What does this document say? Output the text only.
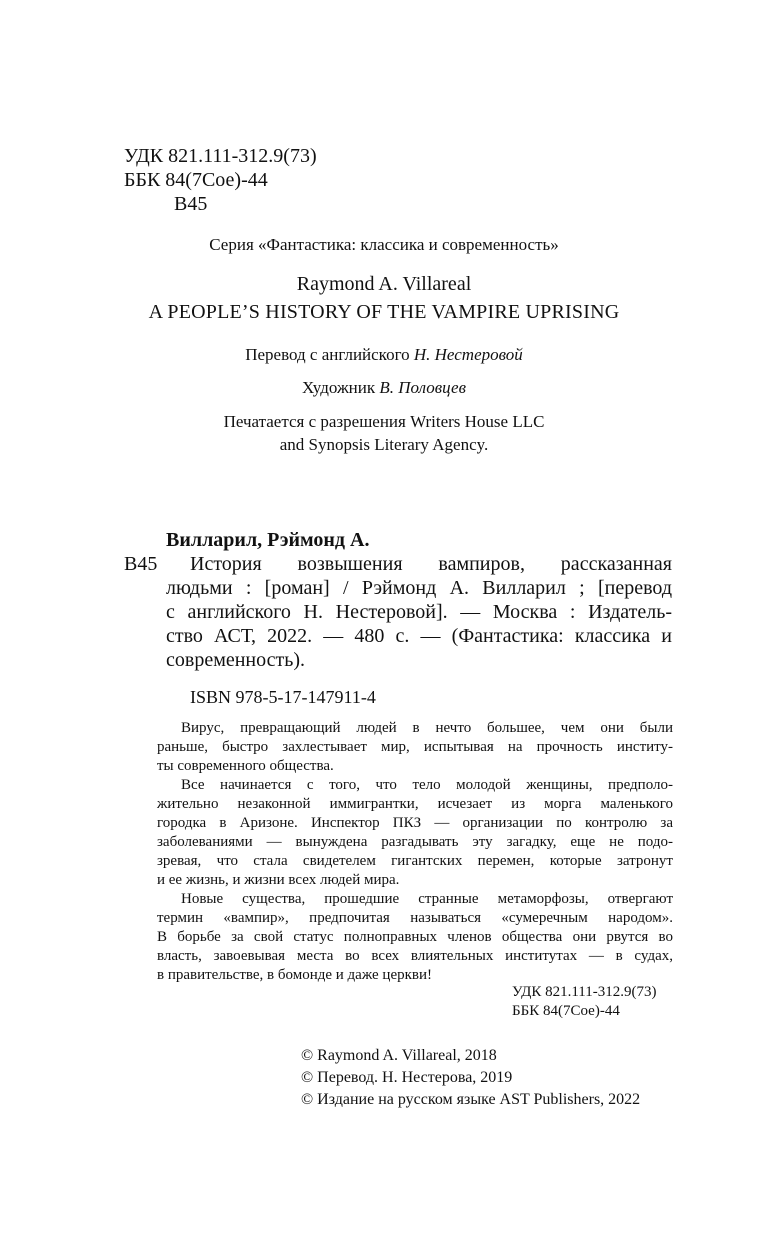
УДК 821.111-312.9(73)
ББК 84(7Сое)-44
В45
Серия «Фантастика: классика и современность»
Raymond A. Villareal
A PEOPLE’S HISTORY OF THE VAMPIRE UPRISING
Перевод с английского Н. Нестеровой
Художник В. Половцев
Печатается с разрешения Writers House LLC
and Synopsis Literary Agency.
Вилларил, Рэймонд А.
В45 История возвышения вампиров, рассказанная
людьми : [роман] / Рэймонд А. Вилларил ; [перевод
с английского Н. Нестеровой]. — Москва : Издатель-
ство АСТ, 2022. — 480 с. — (Фантастика: классика и
современность).
ISBN 978-5-17-147911-4
Вирус, превращающий людей в нечто большее, чем они были
раньше, быстро захлестывает мир, испытывая на прочность институ-
ты современного общества.
Все начинается с того, что тело молодой женщины, предполо-
жительно незаконной иммигрантки, исчезает из морга маленького
городка в Аризоне. Инспектор ПКЗ — организации по контролю за
заболеваниями — вынуждена разгадывать эту загадку, еще не подо-
зревая, что стала свидетелем гигантских перемен, которые затронут
и ее жизнь, и жизни всех людей мира.
Новые существа, прошедшие странные метаморфозы, отвергают
термин «вампир», предпочитая называться «сумеречным народом».
В борьбе за свой статус полноправных членов общества они рвутся во
власть, завоевывая места во всех влиятельных институтах — в судах,
в правительстве, в бомонде и даже церкви!
УДК 821.111-312.9(73)
ББК 84(7Сое)-44
© Raymond A. Villareal, 2018
© Перевод. Н. Нестерова, 2019
© Издание на русском языке AST Publishers, 2022
